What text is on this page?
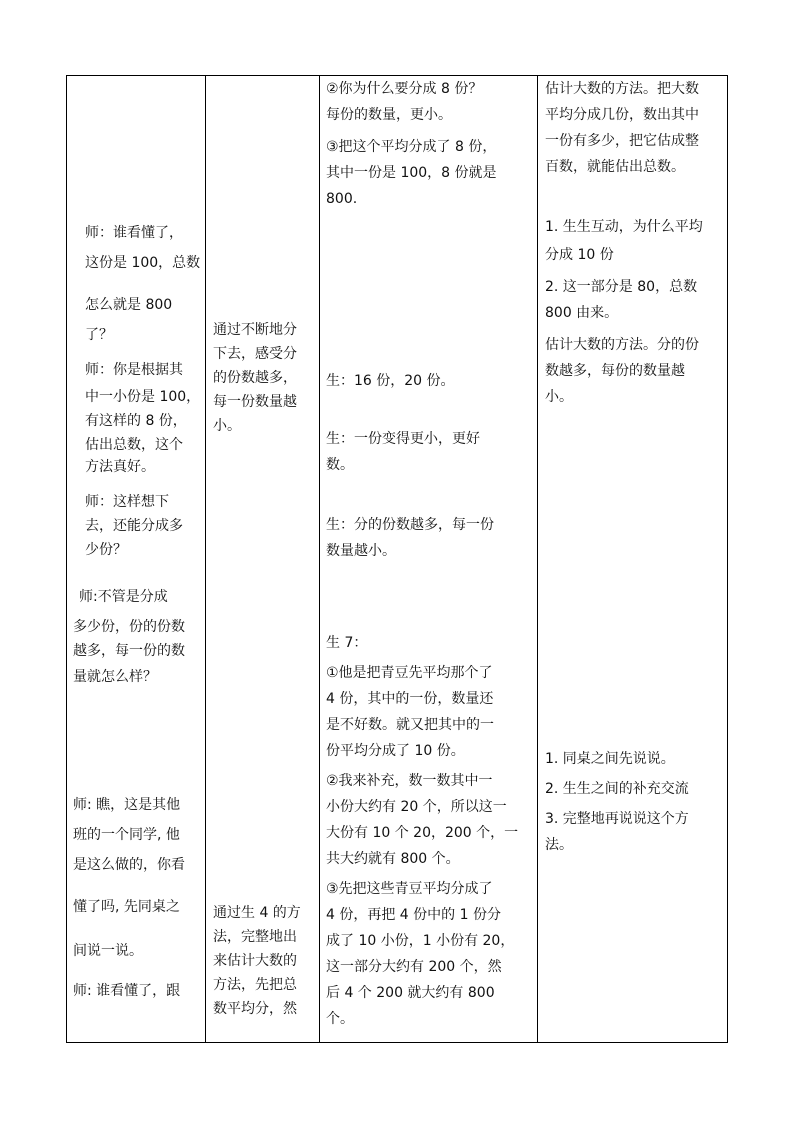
师：谁看懂了，
这份是 100，总数
怎么就是 800
了？
师：你是根据其
中一小份是 100，
有这样的 8 份，
估出总数，这个
方法真好。
师：这样想下
去，还能分成多
少份？
师:不管是分成
多少份，份的份数
越多，每一份的数
量就怎么样？
师: 瞧，这是其他
班的一个同学, 他
是这么做的，你看
懂了吗, 先同桌之
间说一说。
师: 谁看懂了，跟
通过不断地分
下去，感受分
的份数越多，
每一份数量越
小。
通过生 4 的方
法，完整地出
来估计大数的
方法，先把总
数平均分，然
②你为什么要分成 8 份？
每份的数量，更小。
③把这个平均分成了 8 份，
其中一份是 100，8 份就是
800.
生：16 份，20 份。
生：一份变得更小，更好
数。
生：分的份数越多，每一份
数量越小。
生 7：
①他是把青豆先平均那个了
4 份，其中的一份，数量还
是不好数。就又把其中的一
份平均分成了 10 份。
②我来补充，数一数其中一
小份大约有 20 个，所以这一
大份有 10 个 20，200 个，一
共大约就有 800 个。
③先把这些青豆平均分成了
4 份，再把 4 份中的 1 份分
成了 10 小份，1 小份有 20，
这一部分大约有 200 个，然
后 4 个 200 就大约有 800
个。
估计大数的方法。把大数
平均分成几份，数出其中
一份有多少，把它估成整
百数，就能估出总数。
1. 生生互动，为什么平均
分成 10 份
2. 这一部分是 80，总数
800 由来。
估计大数的方法。分的份
数越多，每份的数量越
小。
1. 同桌之间先说说。
2. 生生之间的补充交流
3. 完整地再说说这个方
法。
